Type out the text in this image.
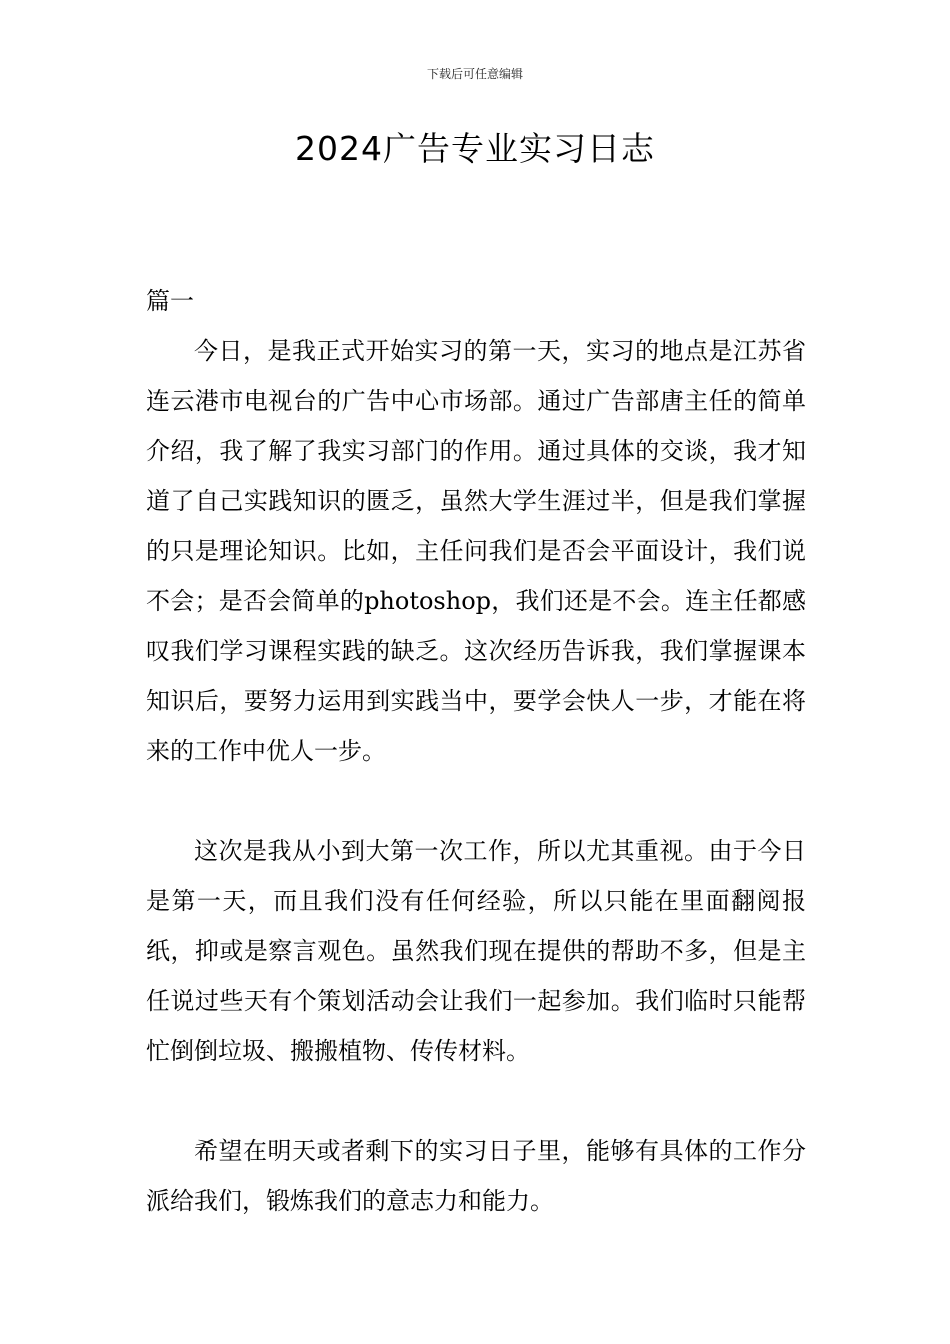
下载后可任意编辑
2024广告专业实习日志

篇一

今日，是我正式开始实习的第一天，实习的地点是江苏省连云港市电视台的广告中心市场部。通过广告部唐主任的简单介绍，我了解了我实习部门的作用。通过具体的交谈，我才知道了自己实践知识的匮乏，虽然大学生涯过半，但是我们掌握的只是理论知识。比如，主任问我们是否会平面设计，我们说不会；是否会简单的photoshop，我们还是不会。连主任都感叹我们学习课程实践的缺乏。这次经历告诉我，我们掌握课本知识后，要努力运用到实践当中，要学会快人一步，才能在将来的工作中优人一步。

这次是我从小到大第一次工作，所以尤其重视。由于今日是第一天，而且我们没有任何经验，所以只能在里面翻阅报纸，抑或是察言观色。虽然我们现在提供的帮助不多，但是主任说过些天有个策划活动会让我们一起参加。我们临时只能帮忙倒倒垃圾、搬搬植物、传传材料。

希望在明天或者剩下的实习日子里，能够有具体的工作分派给我们，锻炼我们的意志力和能力。
